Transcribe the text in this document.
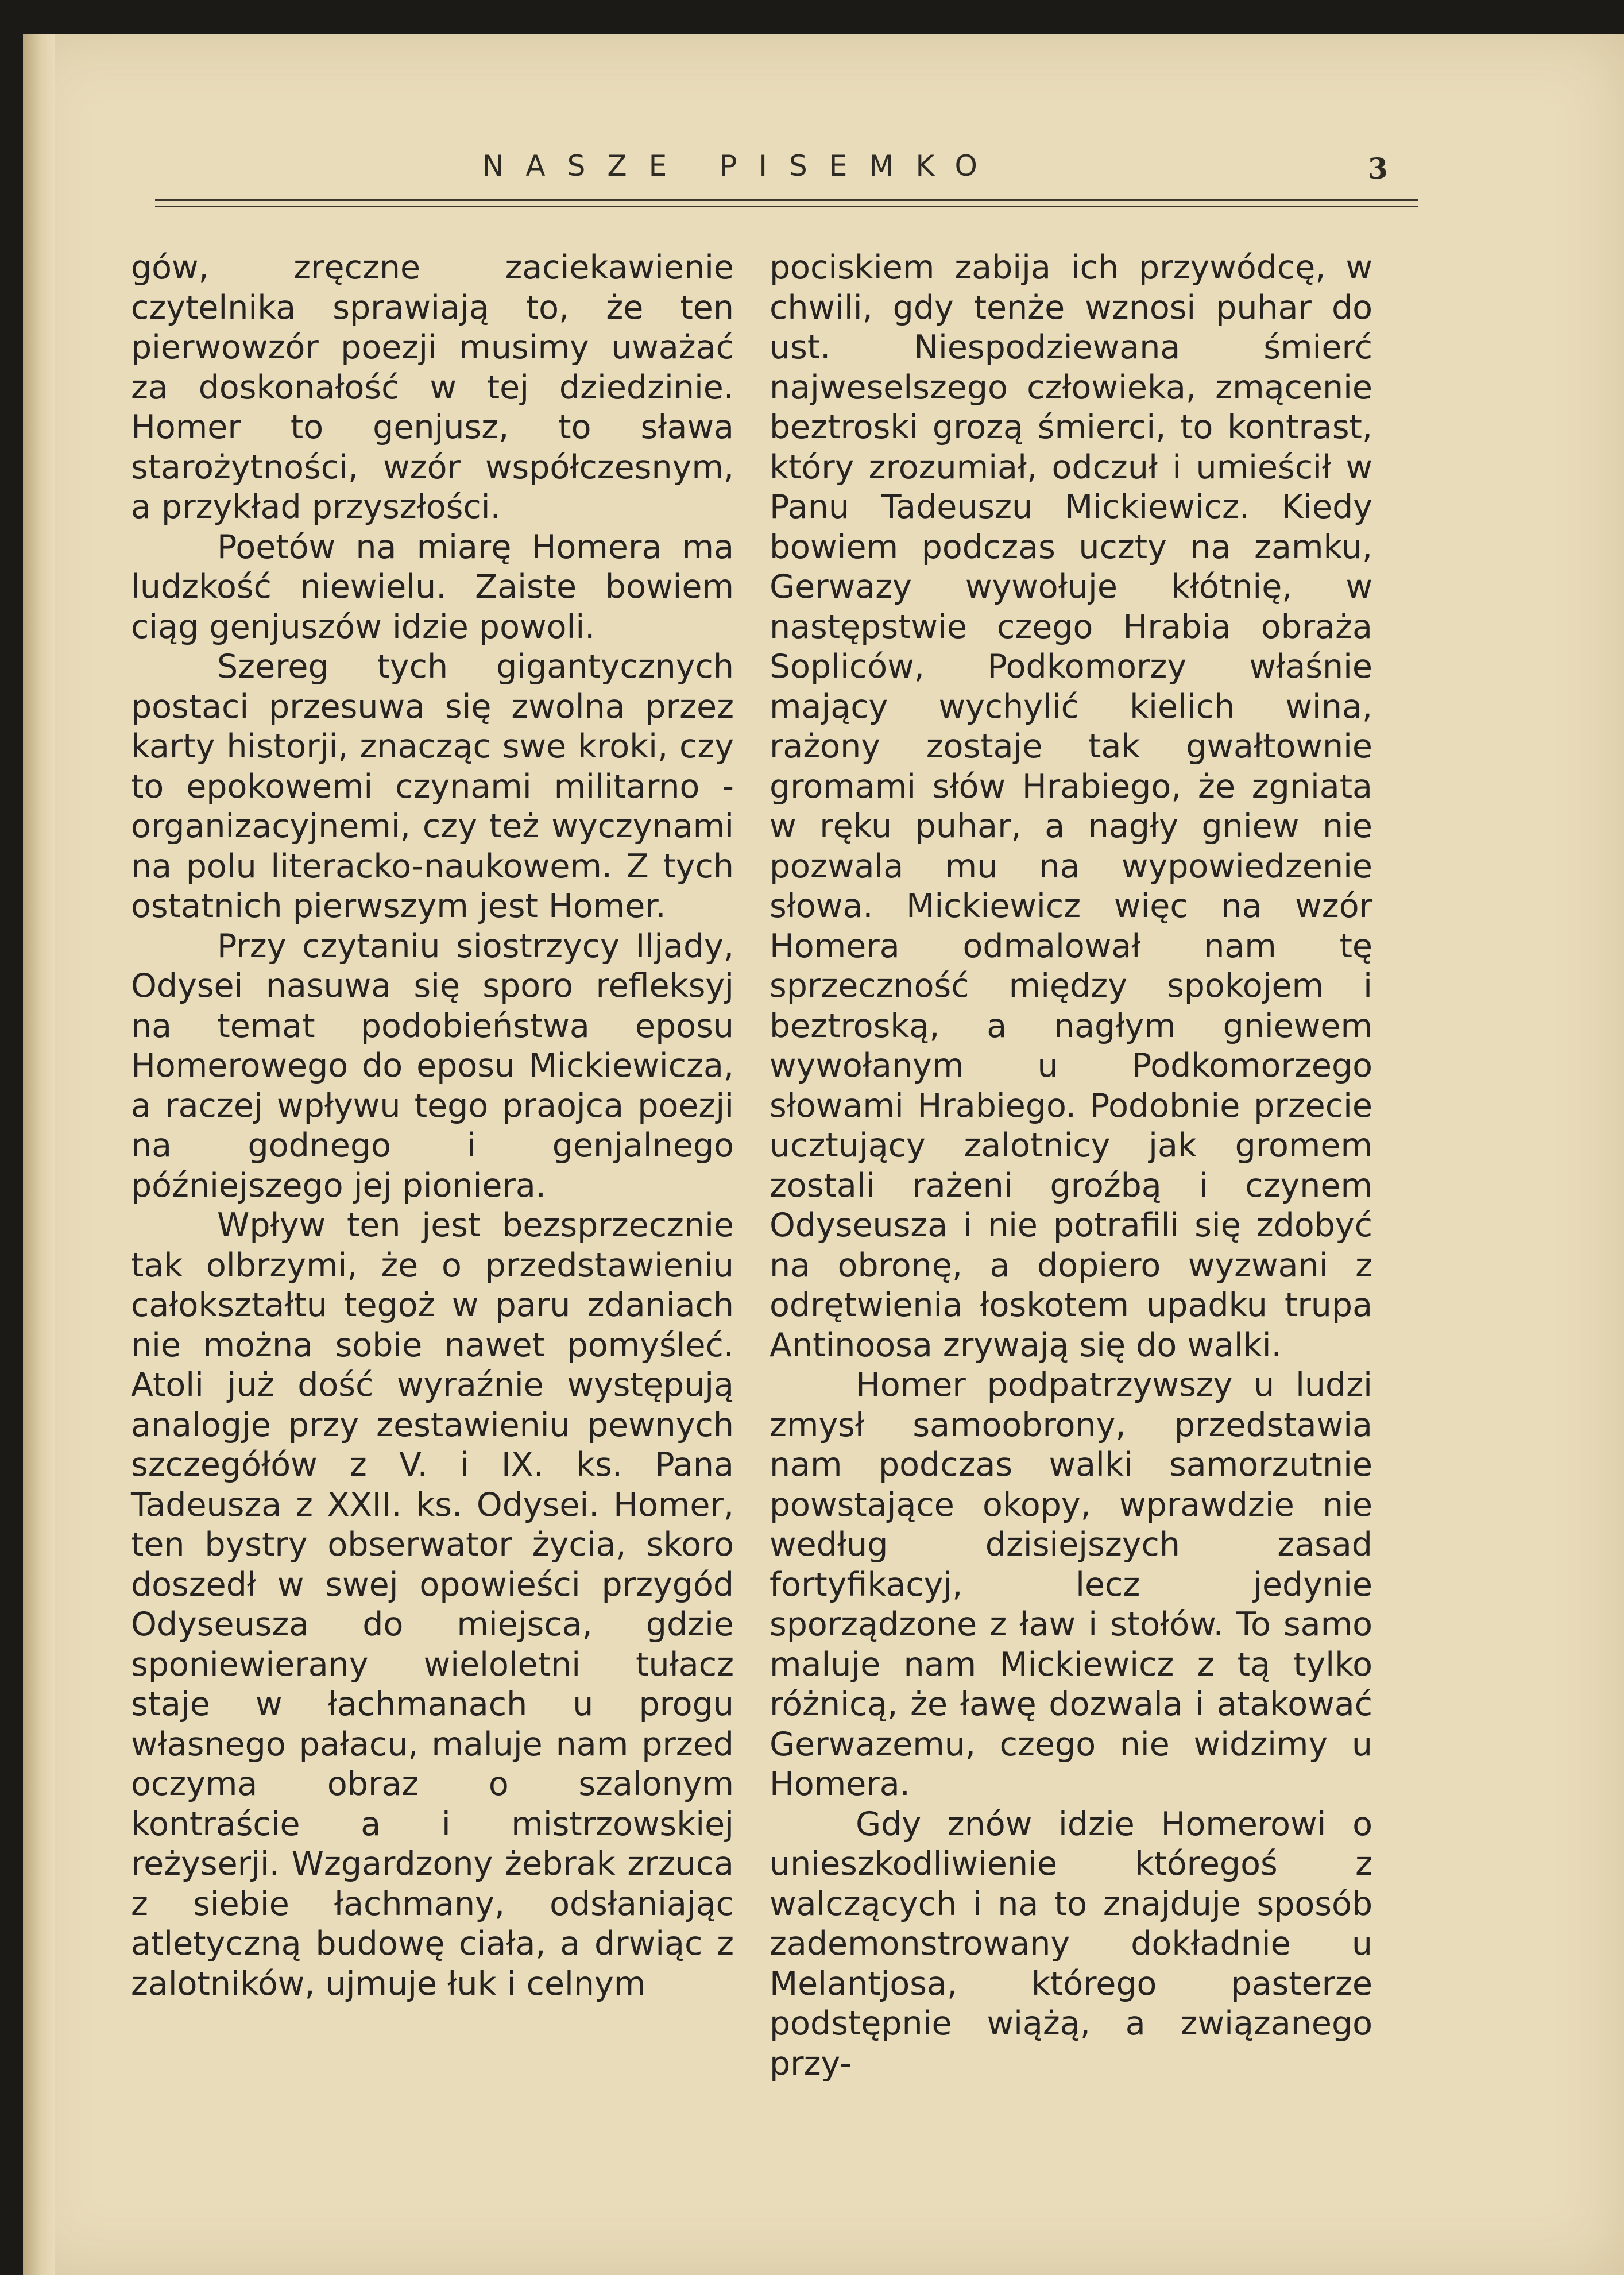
NASZE PISEMKO	3

gów, zręczne zaciekawienie czytelnika sprawiają to, że ten pierwowzór poezji musimy uważać za doskonałość w tej dziedzinie. Homer to genjusz, to sława starożytności, wzór współczesnym, a przykład przyszłości.

Poetów na miarę Homera ma ludzkość niewielu. Zaiste bowiem ciąg genjuszów idzie powoli.

Szereg tych gigantycznych postaci przesuwa się zwolna przez karty historji, znacząc swe kroki, czy to epokowemi czynami militarno - organizacyjnemi, czy też wyczynami na polu literacko-naukowem. Z tych ostatnich pierwszym jest Homer.

Przy czytaniu siostrzycy Iljady, Odysei nasuwa się sporo refleksyj na temat podobieństwa eposu Homerowego do eposu Mickiewicza, a raczej wpływu tego praojca poezji na godnego i genjalnego późniejszego jej pioniera.

Wpływ ten jest bezsprzecznie tak olbrzymi, że o przedstawieniu całokształtu tegoż w paru zdaniach nie można sobie nawet pomyśleć. Atoli już dość wyraźnie występują analogje przy zestawieniu pewnych szczegółów z V. i IX. ks. Pana Tadeusza z XXII. ks. Odysei. Homer, ten bystry obserwator życia, skoro doszedł w swej opowieści przygód Odyseusza do miejsca, gdzie sponiewierany wieloletni tułacz staje w łachmanach u progu własnego pałacu, maluje nam przed oczyma obraz o szalonym kontraście a i mistrzowskiej reżyserji. Wzgardzony żebrak zrzuca z siebie łachmany, odsłaniając atletyczną budowę ciała, a drwiąc z zalotników, ujmuje łuk i celnym

pociskiem zabija ich przywódcę, w chwili, gdy tenże wznosi puhar do ust. Niespodziewana śmierć najweselszego człowieka, zmącenie beztroski grozą śmierci, to kontrast, który zrozumiał, odczuł i umieścił w Panu Tadeuszu Mickiewicz. Kiedy bowiem podczas uczty na zamku, Gerwazy wywołuje kłótnię, w następstwie czego Hrabia obraża Sopliców, Podkomorzy właśnie mający wychylić kielich wina, rażony zostaje tak gwałtownie gromami słów Hrabiego, że zgniata w ręku puhar, a nagły gniew nie pozwala mu na wypowiedzenie słowa. Mickiewicz więc na wzór Homera odmalował nam tę sprzeczność między spokojem i beztroską, a nagłym gniewem wywołanym u Podkomorzego słowami Hrabiego. Podobnie przecie ucztujący zalotnicy jak gromem zostali rażeni groźbą i czynem Odyseusza i nie potrafili się zdobyć na obronę, a dopiero wyzwani z odrętwienia łoskotem upadku trupa Antinoosa zrywają się do walki.

Homer podpatrzywszy u ludzi zmysł samoobrony, przedstawia nam podczas walki samorzutnie powstające okopy, wprawdzie nie według dzisiejszych zasad fortyfikacyj, lecz jedynie sporządzone z ław i stołów. To samo maluje nam Mickiewicz z tą tylko różnicą, że ławę dozwala i atakować Gerwazemu, czego nie widzimy u Homera.

Gdy znów idzie Homerowi o unieszkodliwienie któregoś z walczących i na to znajduje sposób zademonstrowany dokładnie u Melantjosa, którego pasterze podstępnie wiążą, a związanego przy-
